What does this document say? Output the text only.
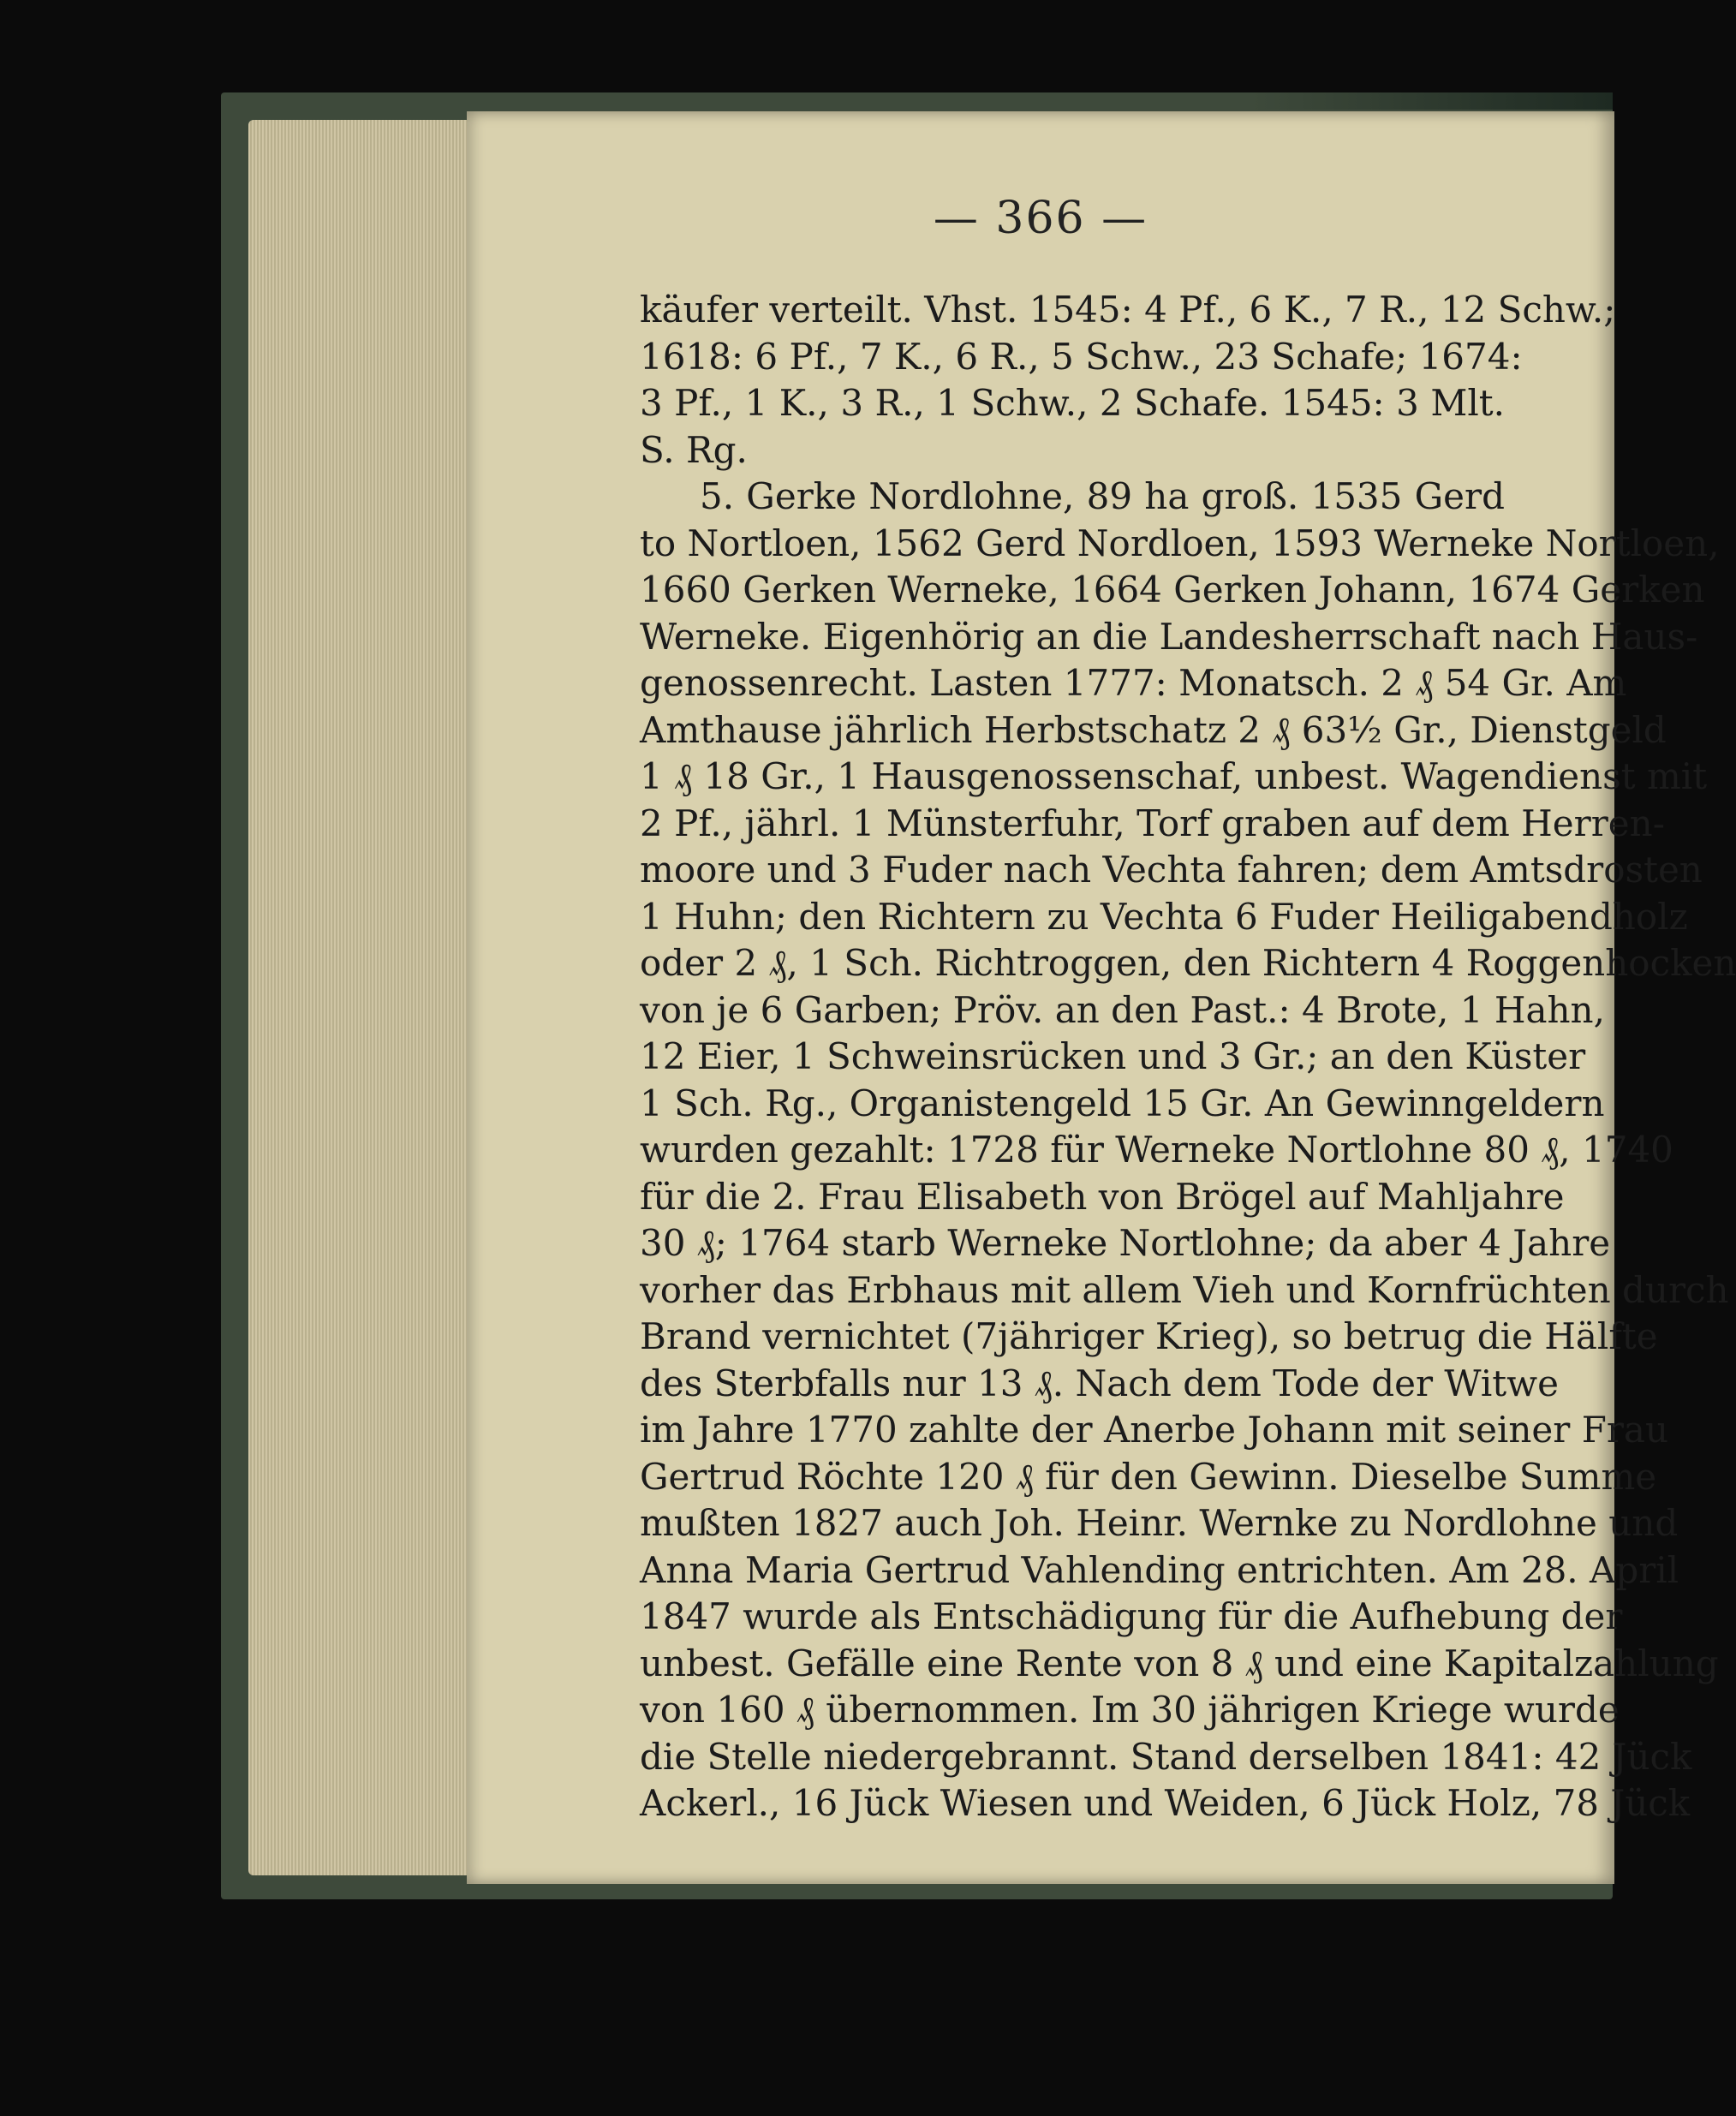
— 366 —
käufer verteilt. Vhst. 1545: 4 Pf., 6 K., 7 R., 12 Schw.;
1618: 6 Pf., 7 K., 6 R., 5 Schw., 23 Schafe; 1674:
3 Pf., 1 K., 3 R., 1 Schw., 2 Schafe. 1545: 3 Mlt.
S. Rg.
5. Gerke Nordlohne, 89 ha groß. 1535 Gerd
to Nortloen, 1562 Gerd Nordloen, 1593 Werneke Nortloen,
1660 Gerken Werneke, 1664 Gerken Johann, 1674 Gerken
Werneke. Eigenhörig an die Landesherrschaft nach Haus-
genossenrecht. Lasten 1777: Monatsch. 2 ₰ 54 Gr. Am
Amthause jährlich Herbstschatz 2 ₰ 63½ Gr., Dienstgeld
1 ₰ 18 Gr., 1 Hausgenossenschaf, unbest. Wagendienst mit
2 Pf., jährl. 1 Münsterfuhr, Torf graben auf dem Herren-
moore und 3 Fuder nach Vechta fahren; dem Amtsdrosten
1 Huhn; den Richtern zu Vechta 6 Fuder Heiligabendholz
oder 2 ₰, 1 Sch. Richtroggen, den Richtern 4 Roggenhocken
von je 6 Garben; Pröv. an den Past.: 4 Brote, 1 Hahn,
12 Eier, 1 Schweinsrücken und 3 Gr.; an den Küster
1 Sch. Rg., Organistengeld 15 Gr. An Gewinngeldern
wurden gezahlt: 1728 für Werneke Nortlohne 80 ₰, 1740
für die 2. Frau Elisabeth von Brögel auf Mahljahre
30 ₰; 1764 starb Werneke Nortlohne; da aber 4 Jahre
vorher das Erbhaus mit allem Vieh und Kornfrüchten durch
Brand vernichtet (7jähriger Krieg), so betrug die Hälfte
des Sterbfalls nur 13 ₰. Nach dem Tode der Witwe
im Jahre 1770 zahlte der Anerbe Johann mit seiner Frau
Gertrud Röchte 120 ₰ für den Gewinn. Dieselbe Summe
mußten 1827 auch Joh. Heinr. Wernke zu Nordlohne und
Anna Maria Gertrud Vahlending entrichten. Am 28. April
1847 wurde als Entschädigung für die Aufhebung der
unbest. Gefälle eine Rente von 8 ₰ und eine Kapitalzahlung
von 160 ₰ übernommen. Im 30 jährigen Kriege wurde
die Stelle niedergebrannt. Stand derselben 1841: 42 Jück
Ackerl., 16 Jück Wiesen und Weiden, 6 Jück Holz, 78 Jück
